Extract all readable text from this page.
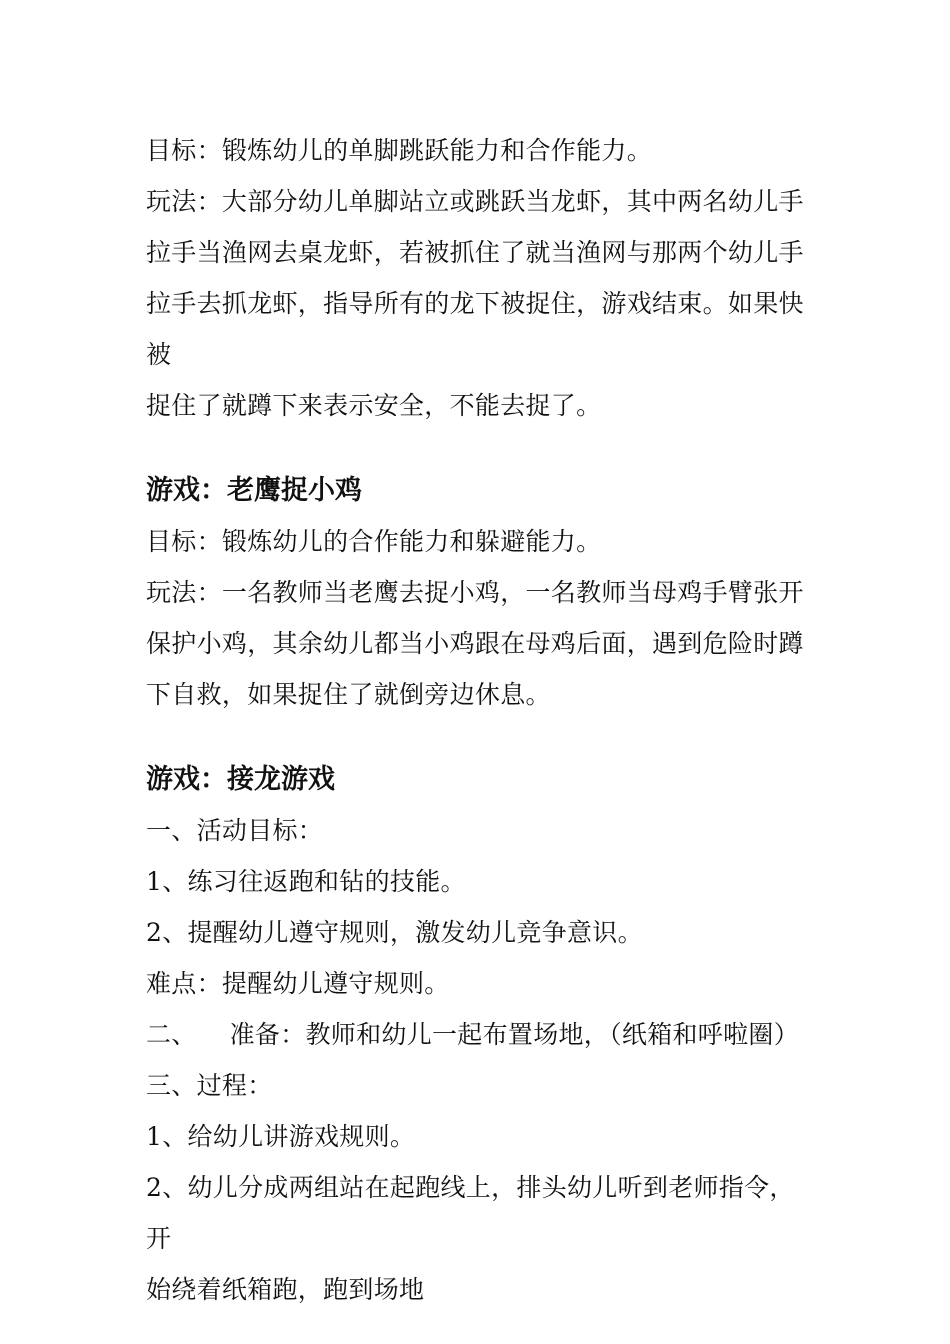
目标：锻炼幼儿的单脚跳跃能力和合作能力。

玩法：大部分幼儿单脚站立或跳跃当龙虾，其中两名幼儿手

拉手当渔网去桌龙虾，若被抓住了就当渔网与那两个幼儿手

拉手去抓龙虾，指导所有的龙下被捉住，游戏结束。如果快被

捉住了就蹲下来表示安全，不能去捉了。

游戏：老鹰捉小鸡

目标：锻炼幼儿的合作能力和躲避能力。

玩法：一名教师当老鹰去捉小鸡，一名教师当母鸡手臂张开

保护小鸡，其余幼儿都当小鸡跟在母鸡后面，遇到危险时蹲

下自救，如果捉住了就倒旁边休息。

游戏：接龙游戏

一、活动目标：

1、练习往返跑和钻的技能。

2、提醒幼儿遵守规则，激发幼儿竞争意识。

难点：提醒幼儿遵守规则。

二、 准备：教师和幼儿一起布置场地，（纸箱和呼啦圈）

三、过程：

1、给幼儿讲游戏规则。

2、幼儿分成两组站在起跑线上，排头幼儿听到老师指令，开

始绕着纸箱跑，跑到场地
